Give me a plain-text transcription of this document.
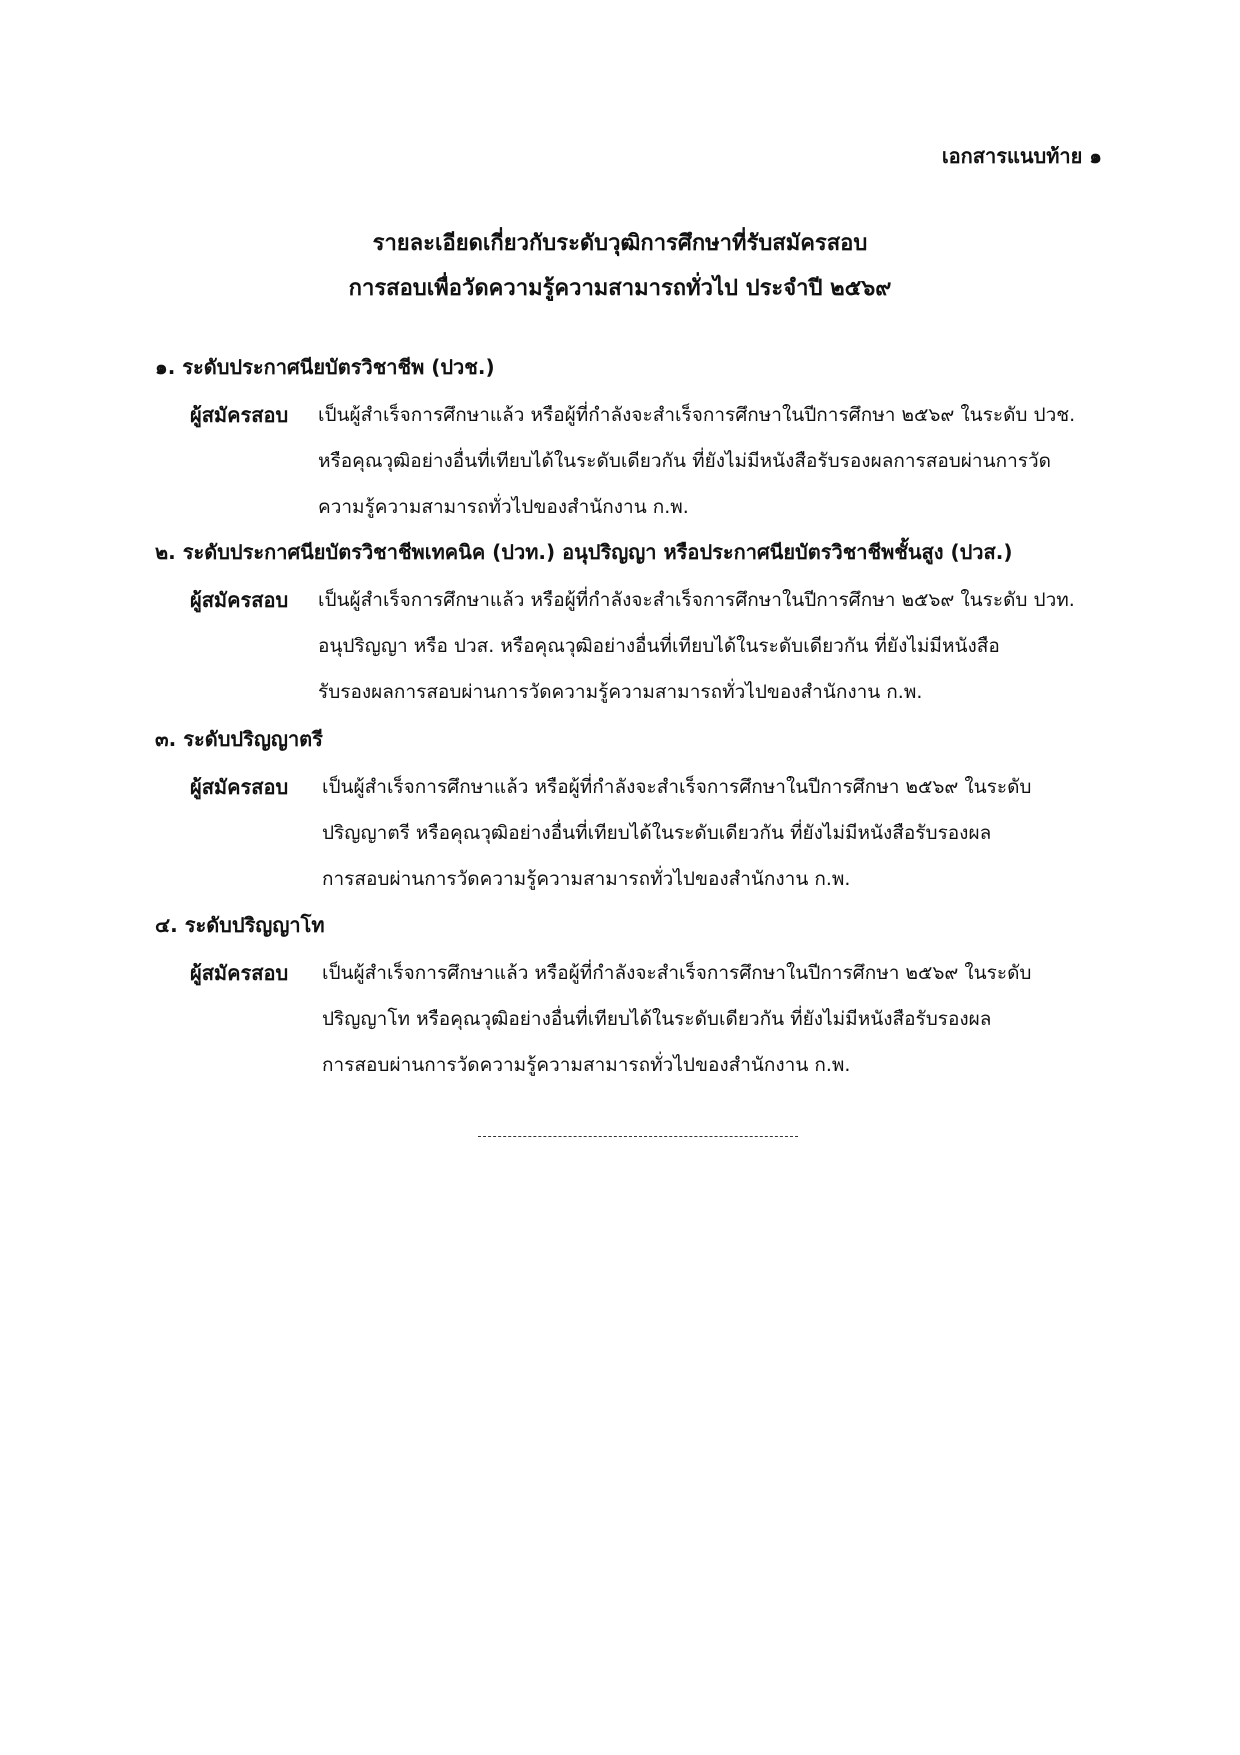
เอกสารแนบท้าย ๑
รายละเอียดเกี่ยวกับระดับวุฒิการศึกษาที่รับสมัครสอบ
การสอบเพื่อวัดความรู้ความสามารถทั่วไป ประจำปี ๒๕๖๙
๑. ระดับประกาศนียบัตรวิชาชีพ (ปวช.)
ผู้สมัครสอบ เป็นผู้สำเร็จการศึกษาแล้ว หรือผู้ที่กำลังจะสำเร็จการศึกษาในปีการศึกษา ๒๕๖๙ ในระดับ ปวช.
หรือคุณวุฒิอย่างอื่นที่เทียบได้ในระดับเดียวกัน ที่ยังไม่มีหนังสือรับรองผลการสอบผ่านการวัด
ความรู้ความสามารถทั่วไปของสำนักงาน ก.พ.
๒. ระดับประกาศนียบัตรวิชาชีพเทคนิค (ปวท.) อนุปริญญา หรือประกาศนียบัตรวิชาชีพชั้นสูง (ปวส.)
ผู้สมัครสอบ เป็นผู้สำเร็จการศึกษาแล้ว หรือผู้ที่กำลังจะสำเร็จการศึกษาในปีการศึกษา ๒๕๖๙ ในระดับ ปวท.
อนุปริญญา หรือ ปวส. หรือคุณวุฒิอย่างอื่นที่เทียบได้ในระดับเดียวกัน ที่ยังไม่มีหนังสือ
รับรองผลการสอบผ่านการวัดความรู้ความสามารถทั่วไปของสำนักงาน ก.พ.
๓. ระดับปริญญาตรี
ผู้สมัครสอบ เป็นผู้สำเร็จการศึกษาแล้ว หรือผู้ที่กำลังจะสำเร็จการศึกษาในปีการศึกษา ๒๕๖๙ ในระดับ
ปริญญาตรี หรือคุณวุฒิอย่างอื่นที่เทียบได้ในระดับเดียวกัน ที่ยังไม่มีหนังสือรับรองผล
การสอบผ่านการวัดความรู้ความสามารถทั่วไปของสำนักงาน ก.พ.
๔. ระดับปริญญาโท
ผู้สมัครสอบ เป็นผู้สำเร็จการศึกษาแล้ว หรือผู้ที่กำลังจะสำเร็จการศึกษาในปีการศึกษา ๒๕๖๙ ในระดับ
ปริญญาโท หรือคุณวุฒิอย่างอื่นที่เทียบได้ในระดับเดียวกัน ที่ยังไม่มีหนังสือรับรองผล
การสอบผ่านการวัดความรู้ความสามารถทั่วไปของสำนักงาน ก.พ.
